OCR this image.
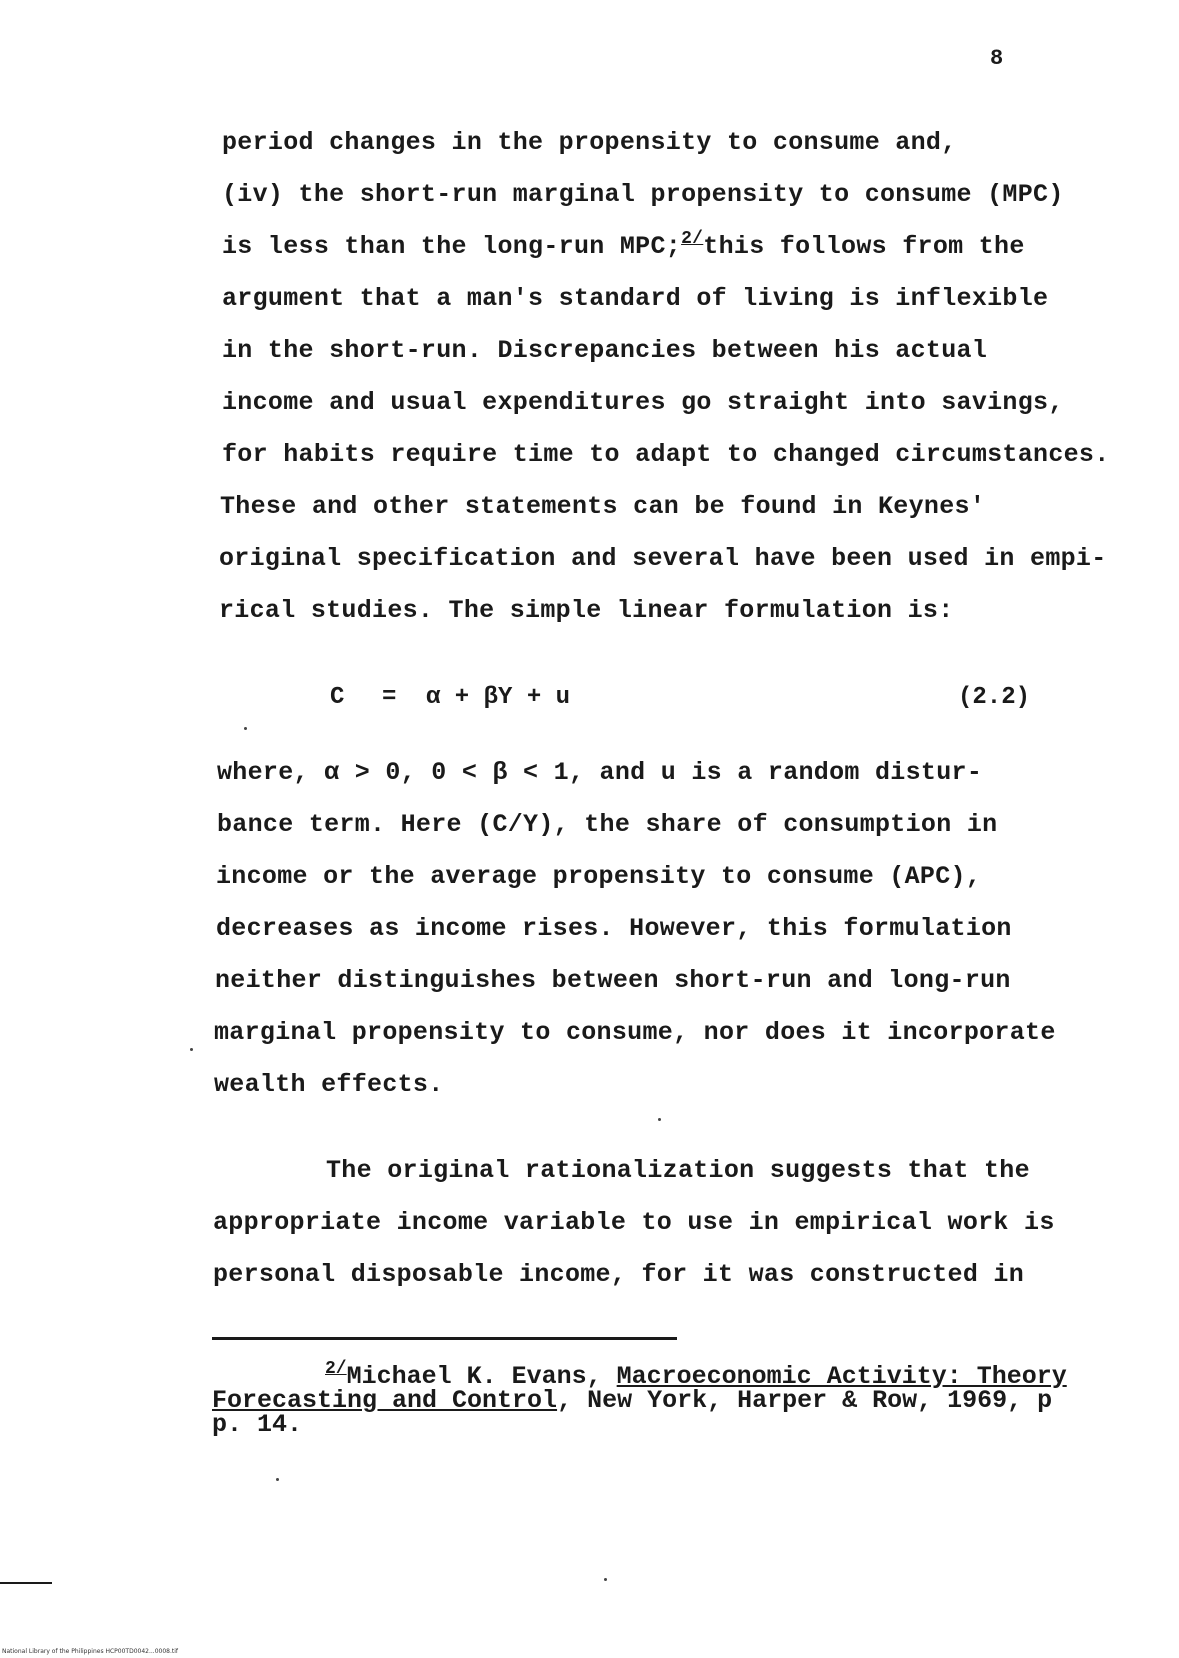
8
period changes in the propensity to consume and,
(iv) the short-run marginal propensity to consume (MPC)
is less than the long-run MPC;$^{2/}$this follows from the
argument that a man's standard of living is inflexible
in the short-run. Discrepancies between his actual
income and usual expenditures go straight into savings,
for habits require time to adapt to changed circumstances.
These and other statements can be found in Keynes'
original specification and several have been used in empi-
rical studies. The simple linear formulation is:
C = α + βY + u	(2.2)
where, α > 0, 0 < β < 1, and u is a random distur-
bance term. Here (C/Y), the share of consumption in
income or the average propensity to consume (APC),
decreases as income rises. However, this formulation
neither distinguishes between short-run and long-run
marginal propensity to consume, nor does it incorporate
wealth effects.
The original rationalization suggests that the
appropriate income variable to use in empirical work is
personal disposable income, for it was constructed in
$^{2/}$Michael K. Evans, Macroeconomic Activity: Theory
Forecasting and Control, New York, Harper & Row, 1969, p
p. 14.
National Library of the Philippines HCP00TD0042...0008.tif
